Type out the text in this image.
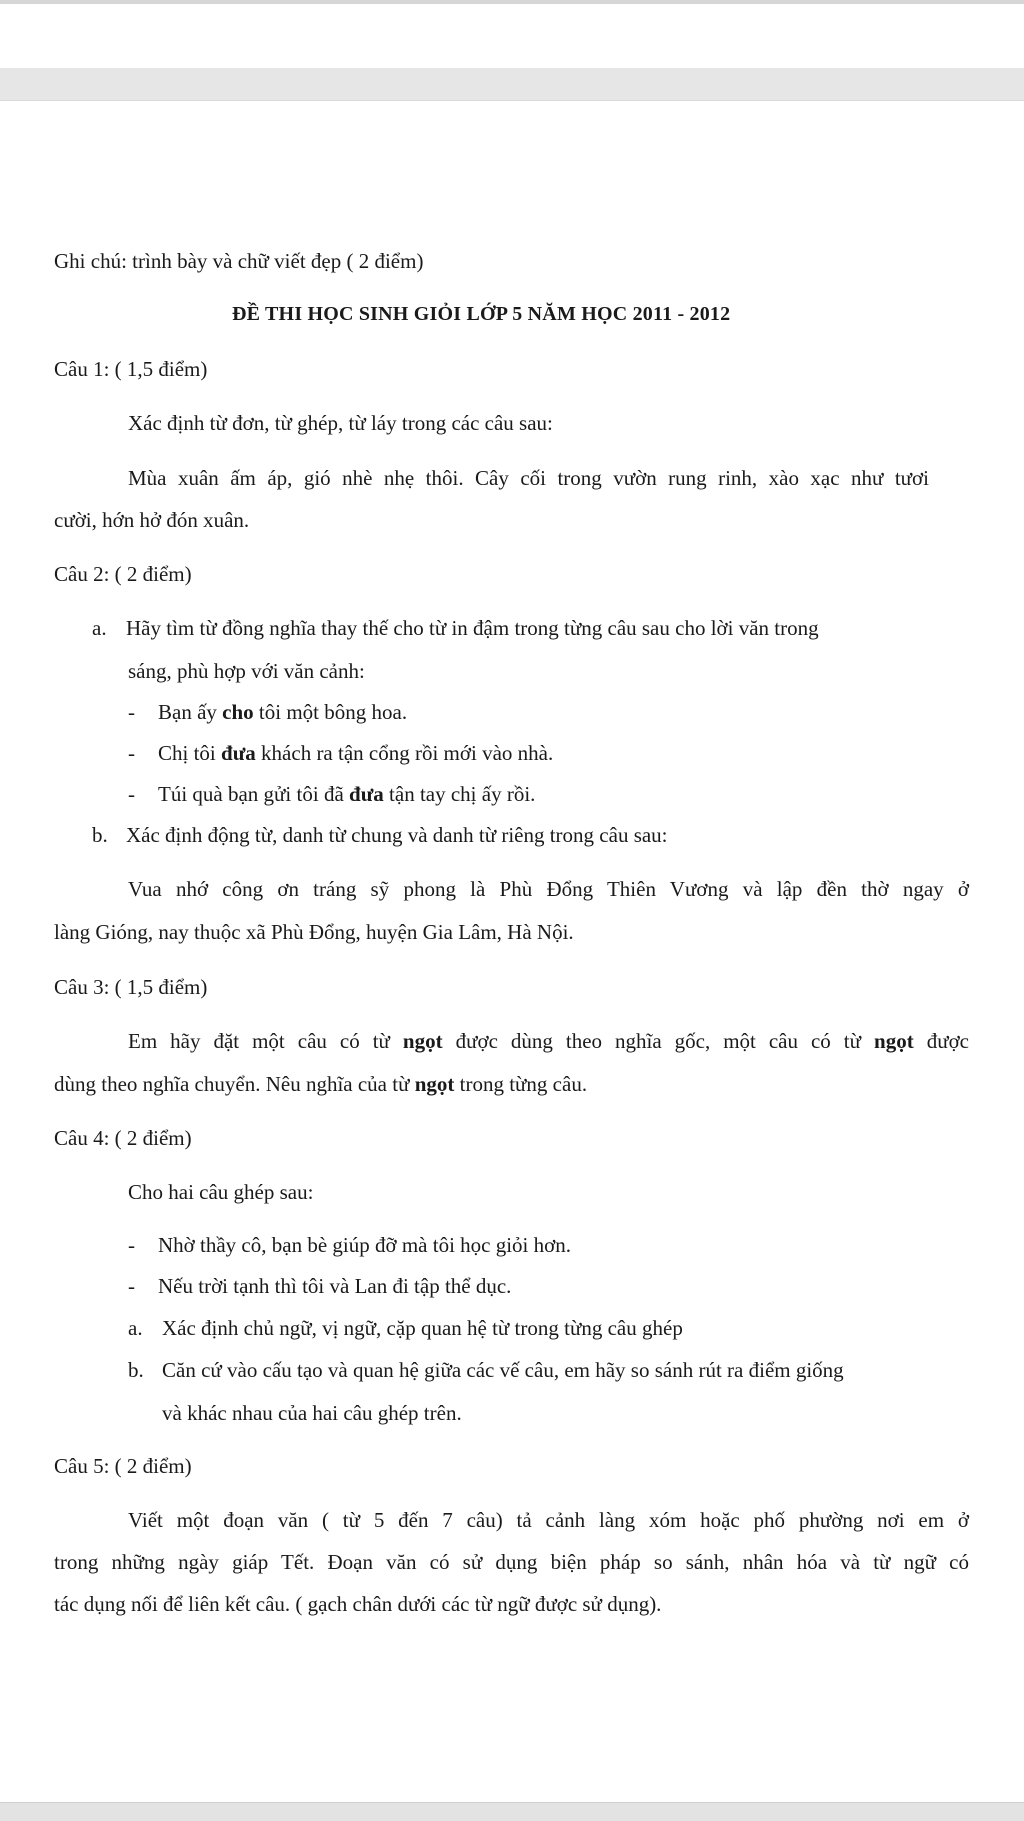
Ghi chú: trình bày và chữ viết đẹp ( 2 điểm)
ĐỀ THI HỌC SINH GIỎI LỚP 5 NĂM HỌC 2011 - 2012
Câu 1: ( 1,5 điểm)
Xác định từ đơn, từ ghép, từ láy trong các câu sau:
Mùa xuân ấm áp, gió nhè nhẹ thôi. Cây cối trong vườn rung rinh, xào xạc như tươi
cười, hớn hở đón xuân.
Câu 2: ( 2 điểm)
a. Hãy tìm từ đồng nghĩa thay thế cho từ in đậm trong từng câu sau cho lời văn trong
sáng, phù hợp với văn cảnh:
- Bạn ấy cho tôi một bông hoa.
- Chị tôi đưa khách ra tận cổng rồi mới vào nhà.
- Túi quà bạn gửi tôi đã đưa tận tay chị ấy rồi.
b. Xác định động từ, danh từ chung và danh từ riêng trong câu sau:
Vua nhớ công ơn tráng sỹ phong là Phù Đổng Thiên Vương và lập đền thờ ngay ở
làng Gióng, nay thuộc xã Phù Đổng, huyện Gia Lâm, Hà Nội.
Câu 3: ( 1,5 điểm)
Em hãy đặt một câu có từ ngọt được dùng theo nghĩa gốc, một câu có từ ngọt được
dùng theo nghĩa chuyển. Nêu nghĩa của từ ngọt trong từng câu.
Câu 4: ( 2 điểm)
Cho hai câu ghép sau:
- Nhờ thầy cô, bạn bè giúp đỡ mà tôi học giỏi hơn.
- Nếu trời tạnh thì tôi và Lan đi tập thể dục.
a. Xác định chủ ngữ, vị ngữ, cặp quan hệ từ trong từng câu ghép
b. Căn cứ vào cấu tạo và quan hệ giữa các vế câu, em hãy so sánh rút ra điểm giống
và khác nhau của hai câu ghép trên.
Câu 5: ( 2 điểm)
Viết một đoạn văn ( từ 5 đến 7 câu) tả cảnh làng xóm hoặc phố phường nơi em ở
trong những ngày giáp Tết. Đoạn văn có sử dụng biện pháp so sánh, nhân hóa và từ ngữ có
tác dụng nối để liên kết câu. ( gạch chân dưới các từ ngữ được sử dụng).
